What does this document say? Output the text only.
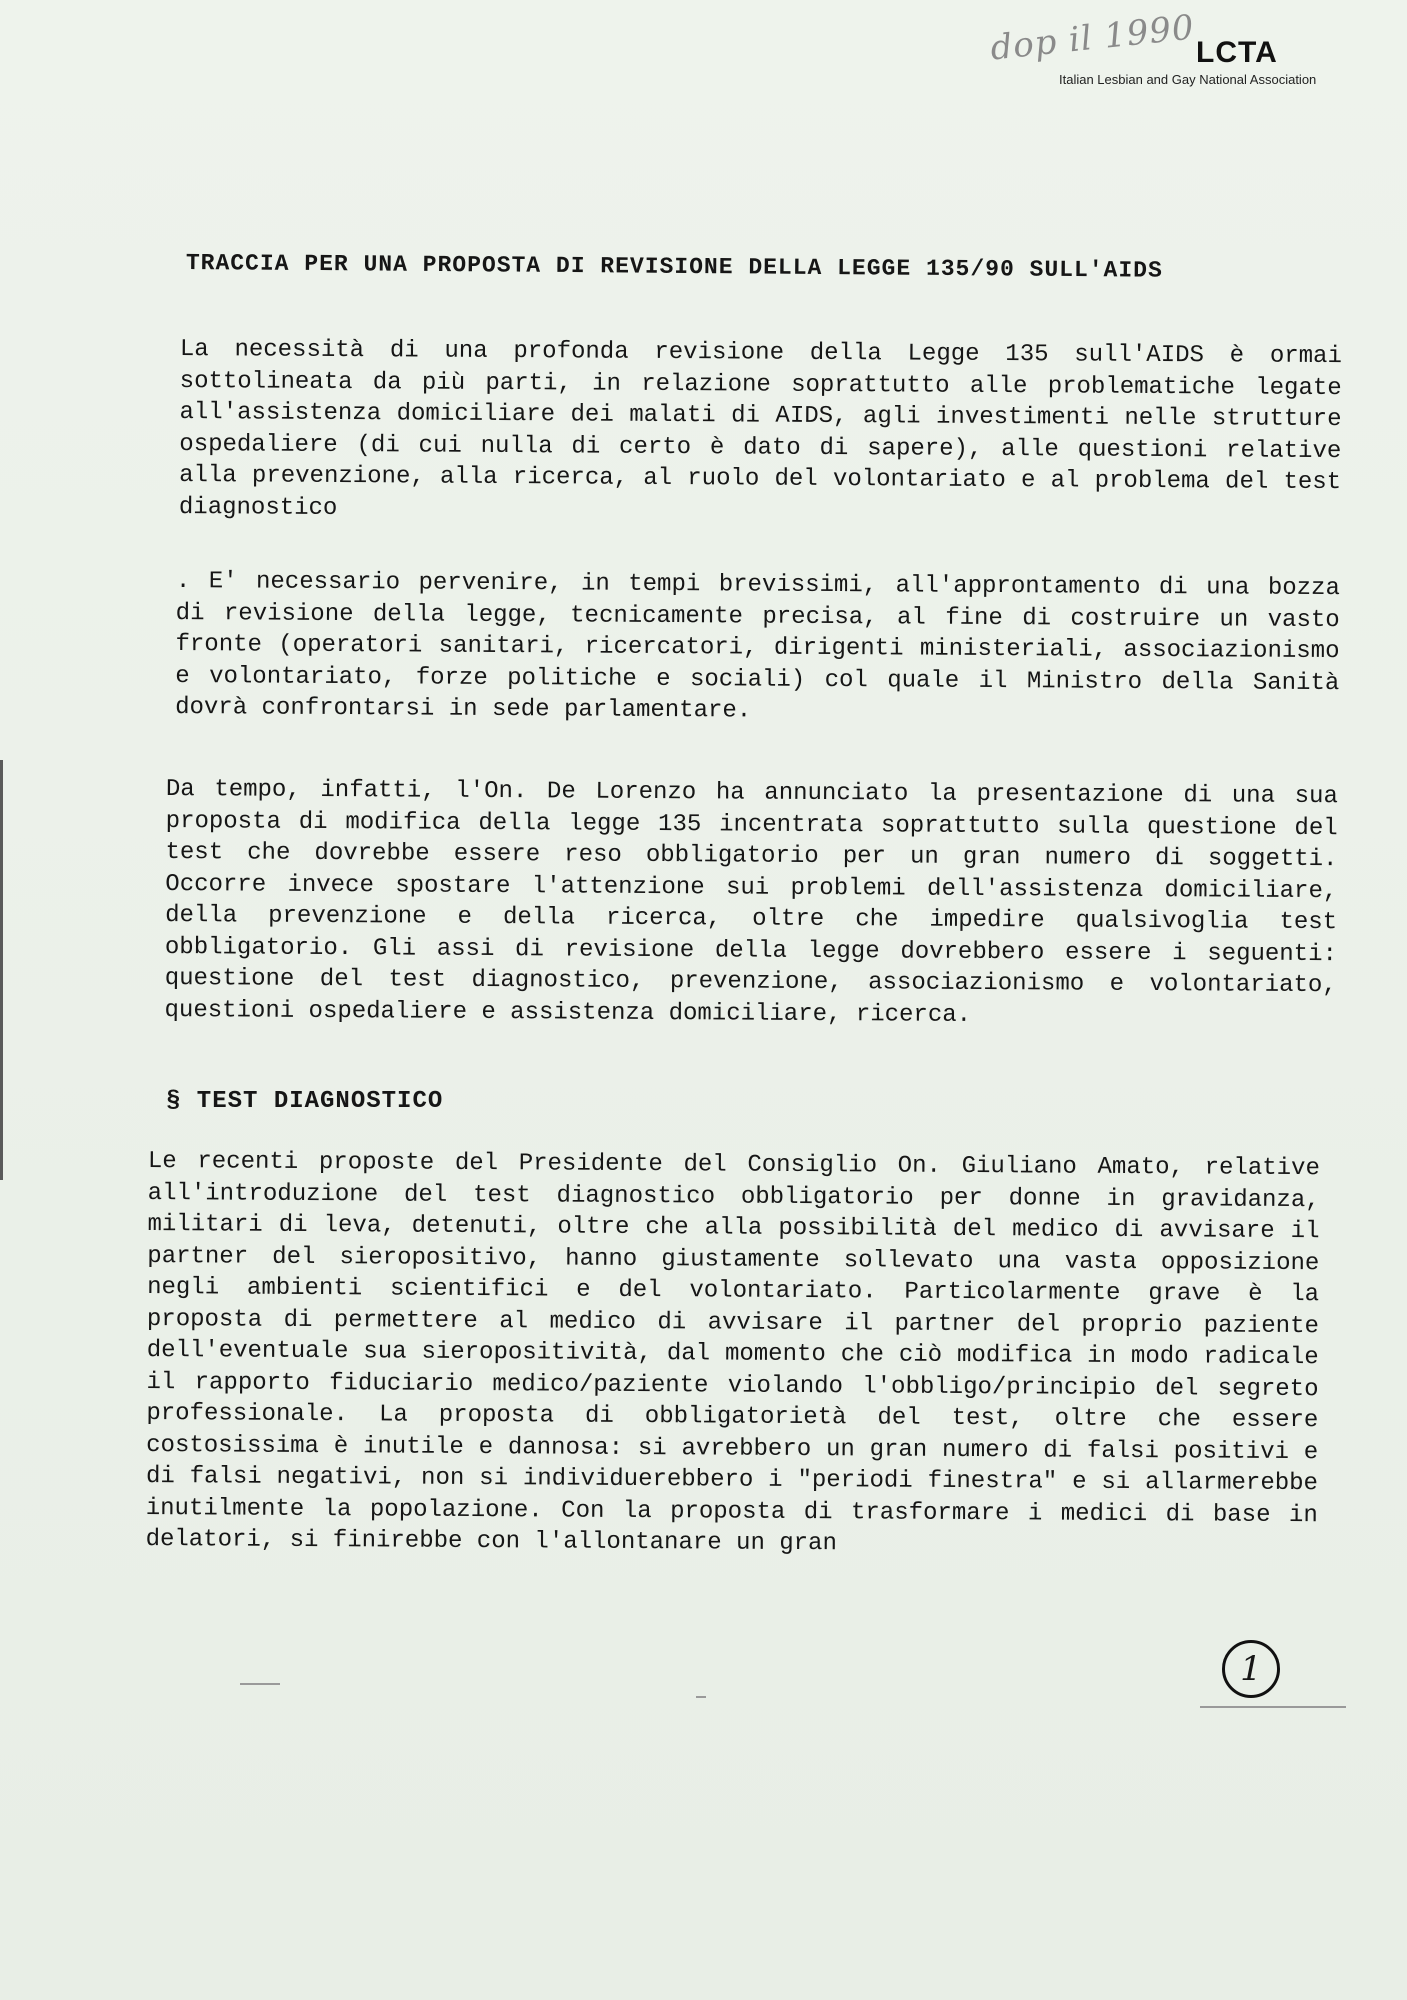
dop il 1990 LCTA
Italian Lesbian and Gay National Association
TRACCIA PER UNA PROPOSTA DI REVISIONE DELLA LEGGE 135/90 SULL'AIDS
La necessità di una profonda revisione della Legge 135 sull'AIDS è ormai sottolineata da più parti, in relazione soprattutto alle problematiche legate all'assistenza domiciliare dei malati di AIDS, agli investimenti nelle strutture ospedaliere (di cui nulla di certo è dato di sapere), alle questioni relative alla prevenzione, alla ricerca, al ruolo del volontariato e al problema del test diagnostico
. E' necessario pervenire, in tempi brevissimi, all'approntamento di una bozza di revisione della legge, tecnicamente precisa, al fine di costruire un vasto fronte (operatori sanitari, ricercatori, dirigenti ministeriali, associazionismo e volontariato, forze politiche e sociali) col quale il Ministro della Sanità dovrà confrontarsi in sede parlamentare.
Da tempo, infatti, l'On. De Lorenzo ha annunciato la presentazione di una sua proposta di modifica della legge 135 incentrata soprattutto sulla questione del test che dovrebbe essere reso obbligatorio per un gran numero di soggetti. Occorre invece spostare l'attenzione sui problemi dell'assistenza domiciliare, della prevenzione e della ricerca, oltre che impedire qualsivoglia test obbligatorio. Gli assi di revisione della legge dovrebbero essere i seguenti: questione del test diagnostico, prevenzione, associazionismo e volontariato, questioni ospedaliere e assistenza domiciliare, ricerca.
§ TEST DIAGNOSTICO
Le recenti proposte del Presidente del Consiglio On. Giuliano Amato, relative all'introduzione del test diagnostico obbligatorio per donne in gravidanza, militari di leva, detenuti, oltre che alla possibilità del medico di avvisare il partner del sieropositivo, hanno giustamente sollevato una vasta opposizione negli ambienti scientifici e del volontariato. Particolarmente grave è la proposta di permettere al medico di avvisare il partner del proprio paziente dell'eventuale sua sieropositività, dal momento che ciò modifica in modo radicale il rapporto fiduciario medico/paziente violando l'obbligo/principio del segreto professionale. La proposta di obbligatorietà del test, oltre che essere costosissima è inutile e dannosa: si avrebbero un gran numero di falsi positivi e di falsi negativi, non si individuerebbero i "periodi finestra" e si allarmerebbe inutilmente la popolazione. Con la proposta di trasformare i medici di base in delatori, si finirebbe con l'allontanare un gran
1
